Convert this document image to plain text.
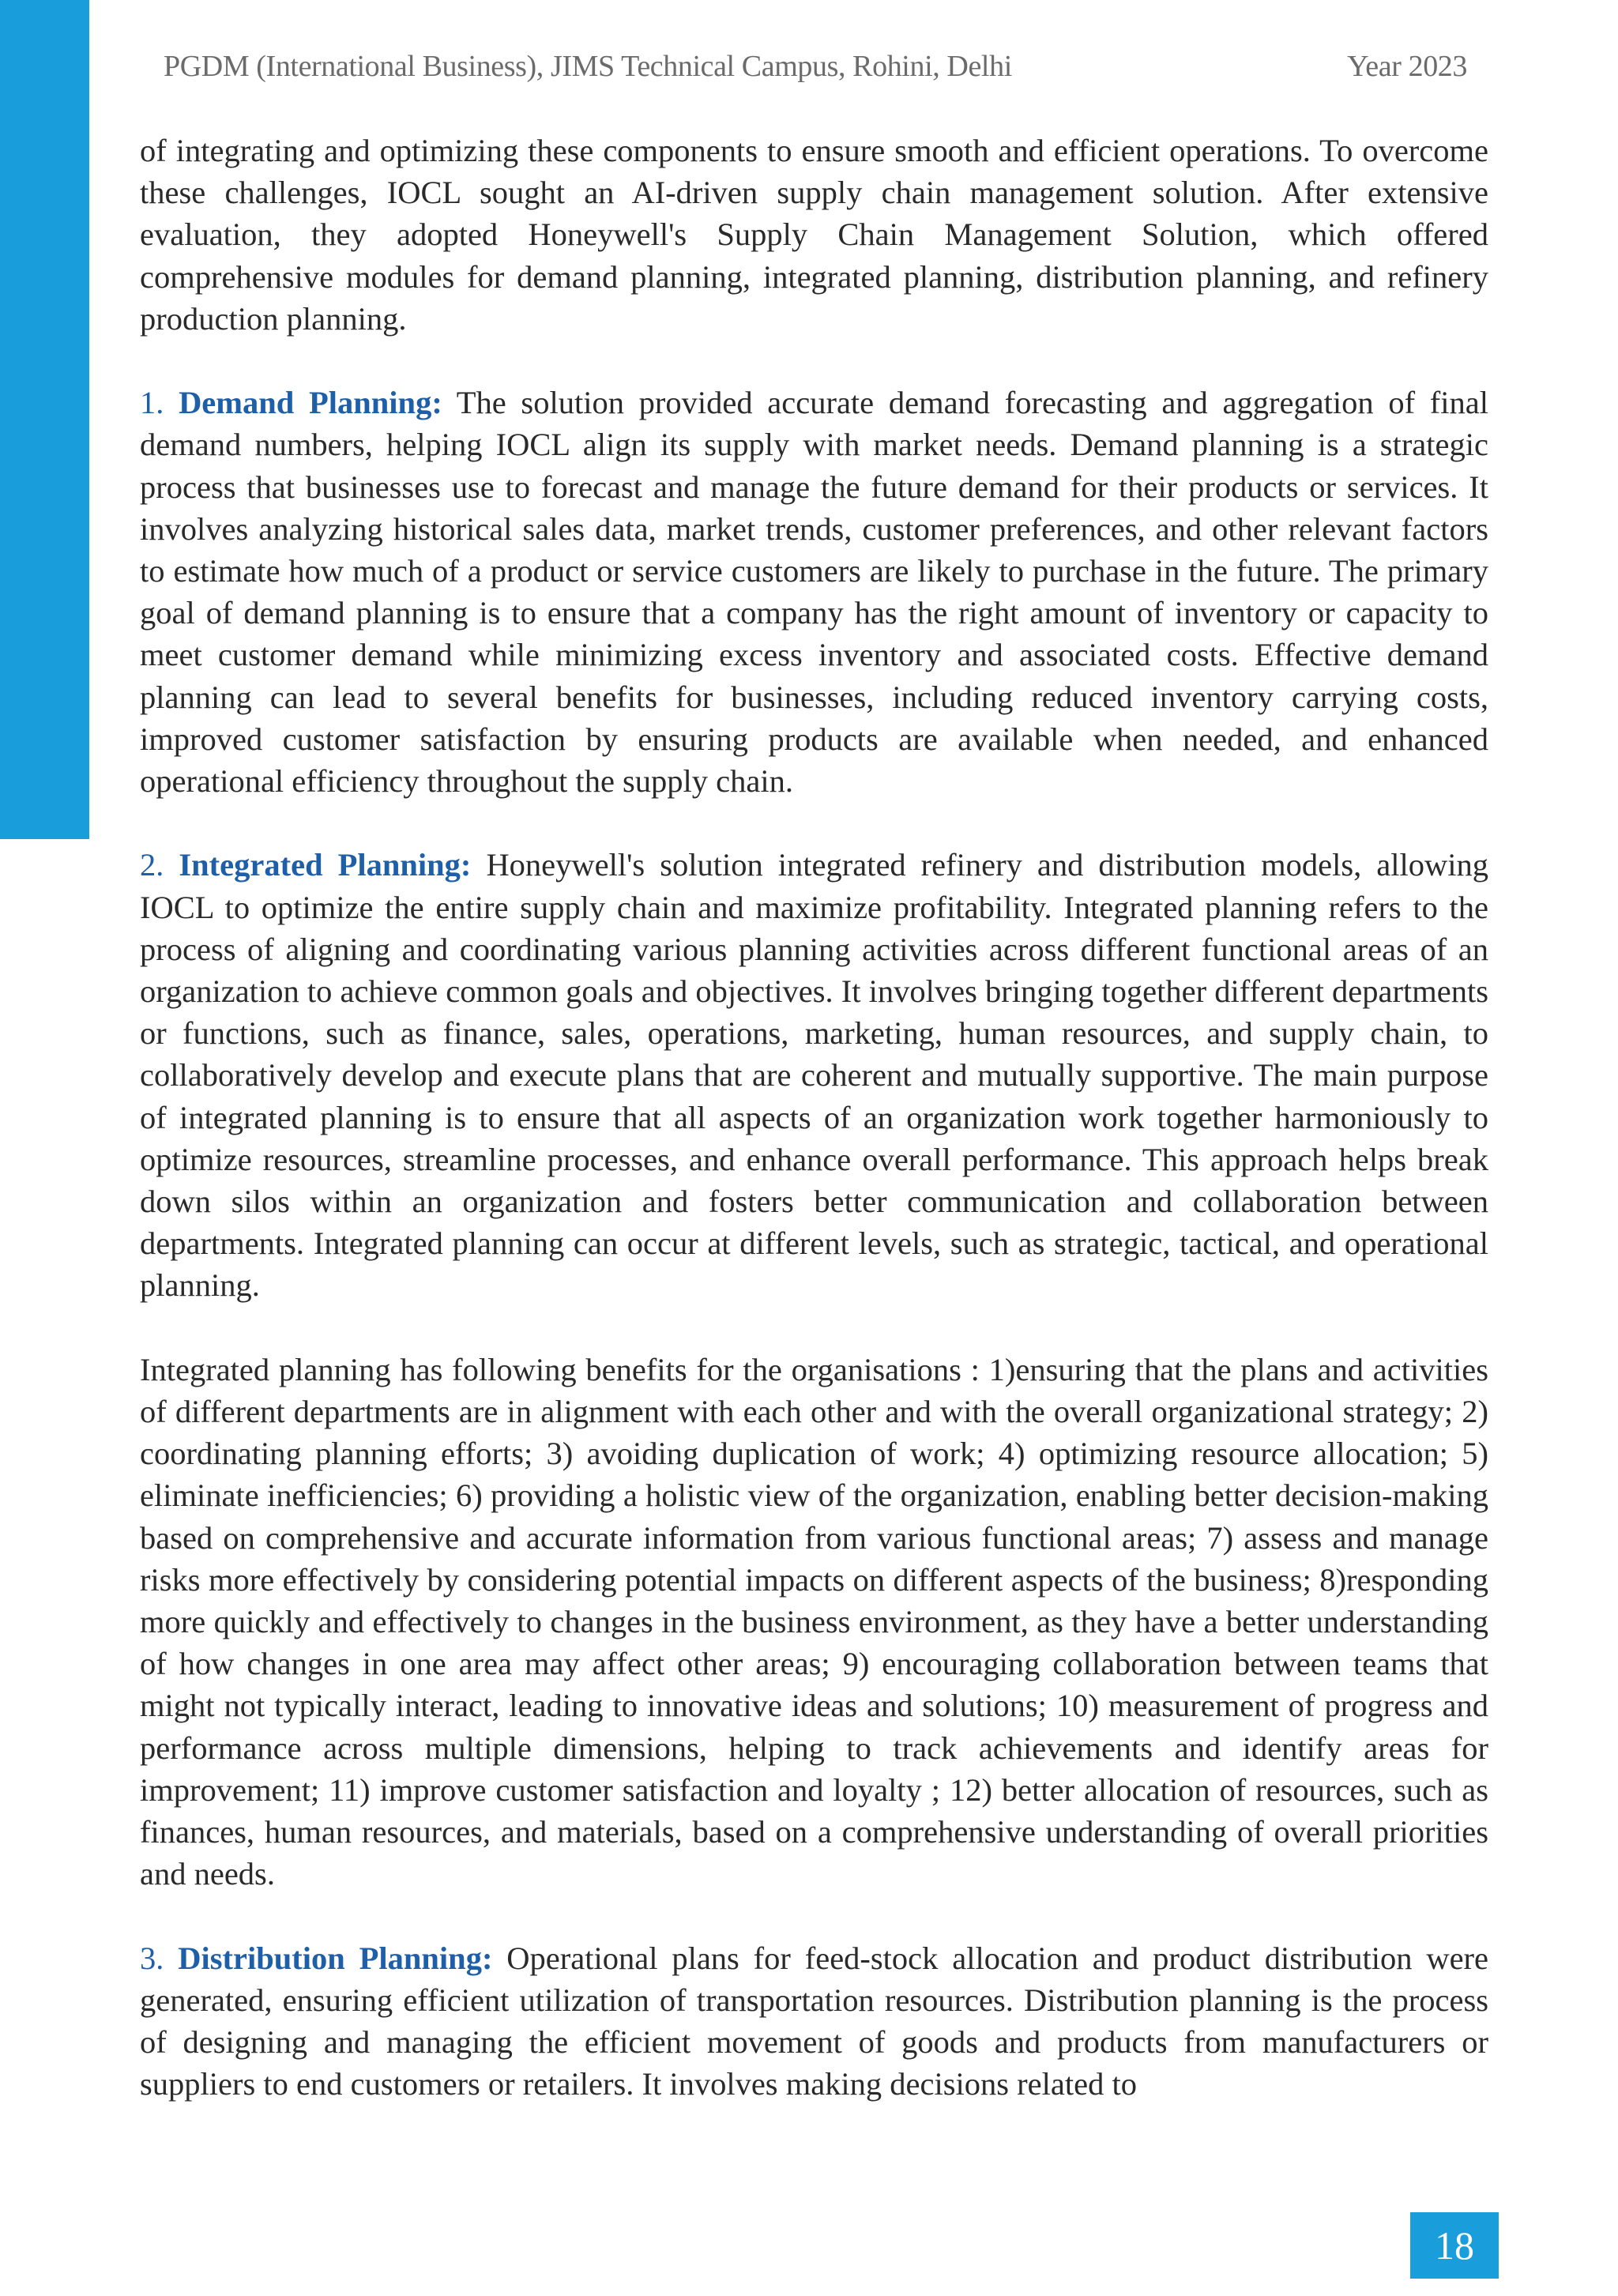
PGDM (International Business), JIMS Technical Campus, Rohini, Delhi	Year 2023

of integrating and optimizing these components to ensure smooth and efficient operations. To overcome these challenges, IOCL sought an AI-driven supply chain management solution. After extensive evaluation, they adopted Honeywell's Supply Chain Management Solution, which offered comprehensive modules for demand planning, integrated planning, distribution planning, and refinery production planning.

1. Demand Planning: The solution provided accurate demand forecasting and aggregation of final demand numbers, helping IOCL align its supply with market needs. Demand planning is a strategic process that businesses use to forecast and manage the future demand for their products or services. It involves analyzing historical sales data, market trends, customer preferences, and other relevant factors to estimate how much of a product or service customers are likely to purchase in the future. The primary goal of demand planning is to ensure that a company has the right amount of inventory or capacity to meet customer demand while minimizing excess inventory and associated costs. Effective demand planning can lead to several benefits for businesses, including reduced inventory carrying costs, improved customer satisfaction by ensuring products are available when needed, and enhanced operational efficiency throughout the supply chain.

2. Integrated Planning: Honeywell's solution integrated refinery and distribution models, allowing IOCL to optimize the entire supply chain and maximize profitability. Integrated planning refers to the process of aligning and coordinating various planning activities across different functional areas of an organization to achieve common goals and objectives. It involves bringing together different departments or functions, such as finance, sales, operations, marketing, human resources, and supply chain, to collaboratively develop and execute plans that are coherent and mutually supportive. The main purpose of integrated planning is to ensure that all aspects of an organization work together harmoniously to optimize resources, streamline processes, and enhance overall performance. This approach helps break down silos within an organization and fosters better communication and collaboration between departments. Integrated planning can occur at different levels, such as strategic, tactical, and operational planning.

Integrated planning has following benefits for the organisations : 1)ensuring that the plans and activities of different departments are in alignment with each other and with the overall organizational strategy; 2) coordinating planning efforts; 3) avoiding duplication of work; 4) optimizing resource allocation; 5) eliminate inefficiencies; 6) providing a holistic view of the organization, enabling better decision-making based on comprehensive and accurate information from various functional areas; 7) assess and manage risks more effectively by considering potential impacts on different aspects of the business; 8)responding more quickly and effectively to changes in the business environment, as they have a better understanding of how changes in one area may affect other areas; 9) encouraging collaboration between teams that might not typically interact, leading to innovative ideas and solutions; 10) measurement of progress and performance across multiple dimensions, helping to track achievements and identify areas for improvement; 11) improve customer satisfaction and loyalty ; 12) better allocation of resources, such as finances, human resources, and materials, based on a comprehensive understanding of overall priorities and needs.

3. Distribution Planning: Operational plans for feed-stock allocation and product distribution were generated, ensuring efficient utilization of transportation resources. Distribution planning is the process of designing and managing the efficient movement of goods and products from manufacturers or suppliers to end customers or retailers. It involves making decisions related to

18
